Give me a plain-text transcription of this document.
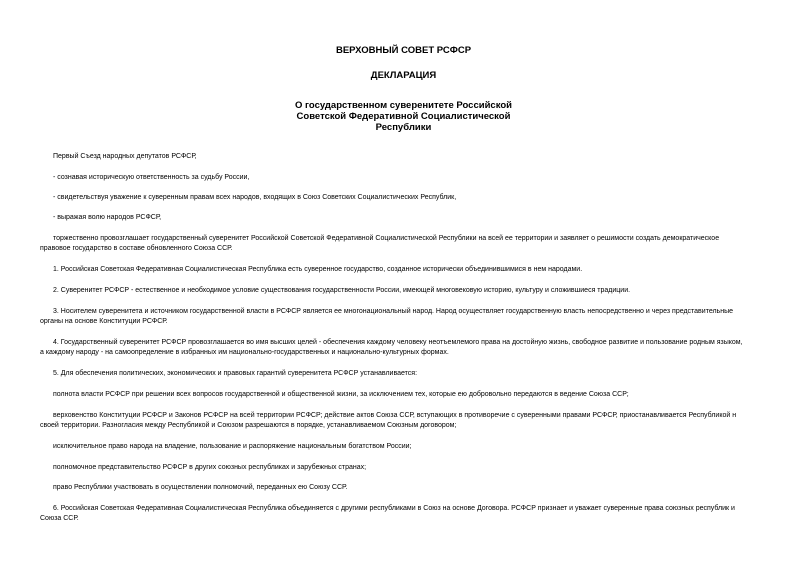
ВЕРХОВНЫЙ СОВЕТ РСФСР
ДЕКЛАРАЦИЯ
О государственном суверенитете Российской
Советской Федеративной Социалистической
Республики
Первый Съезд народных депутатов РСФСР,
- сознавая историческую ответственность за судьбу России,
- свидетельствуя уважение к суверенным правам всех народов, входящих в Союз Советских Социалистических Республик,
- выражая волю народов РСФСР,
торжественно провозглашает государственный суверенитет Российской Советской Федеративной Социалистической Республики на всей ее территории и заявляет о решимости создать демократическое
правовое государство в составе обновленного Союза ССР.
1. Российская Советская Федеративная Социалистическая Республика есть суверенное государство, созданное исторически объединившимися в нем народами.
2. Суверенитет РСФСР - естественное и необходимое условие существования государственности России, имеющей многовековую историю, культуру и сложившиеся традиции.
3. Носителем суверенитета и источником государственной власти в РСФСР является ее многонациональный народ. Народ осуществляет государственную власть непосредственно и через представительные
органы на основе Конституции РСФСР.
4. Государственный суверенитет РСФСР провозглашается во имя высших целей - обеспечения каждому человеку неотъемлемого права на достойную жизнь, свободное развитие и пользование родным языком,
а каждому народу - на самоопределение в избранных им национально-государственных и национально-культурных формах.
5. Для обеспечения политических, экономических и правовых гарантий суверенитета РСФСР устанавливается:
полнота власти РСФСР при решении всех вопросов государственной и общественной жизни, за исключением тех, которые ею добровольно передаются в ведение Союза ССР;
верховенство Конституции РСФСР и Законов РСФСР на всей территории РСФСР; действие актов Союза ССР, вступающих в противоречие с суверенными правами РСФСР, приостанавливается Республикой н
своей территории. Разногласия между Республикой и Союзом разрешаются в порядке, устанавливаемом Союзным договором;
исключительное право народа на владение, пользование и распоряжение национальным богатством России;
полномочное представительство РСФСР в других союзных республиках и зарубежных странах;
право Республики участвовать в осуществлении полномочий, переданных ею Союзу ССР.
6. Российская Советская Федеративная Социалистическая Республика объединяется с другими республиками в Союз на основе Договора. РСФСР признает и уважает суверенные права союзных республик и
Союза ССР.
